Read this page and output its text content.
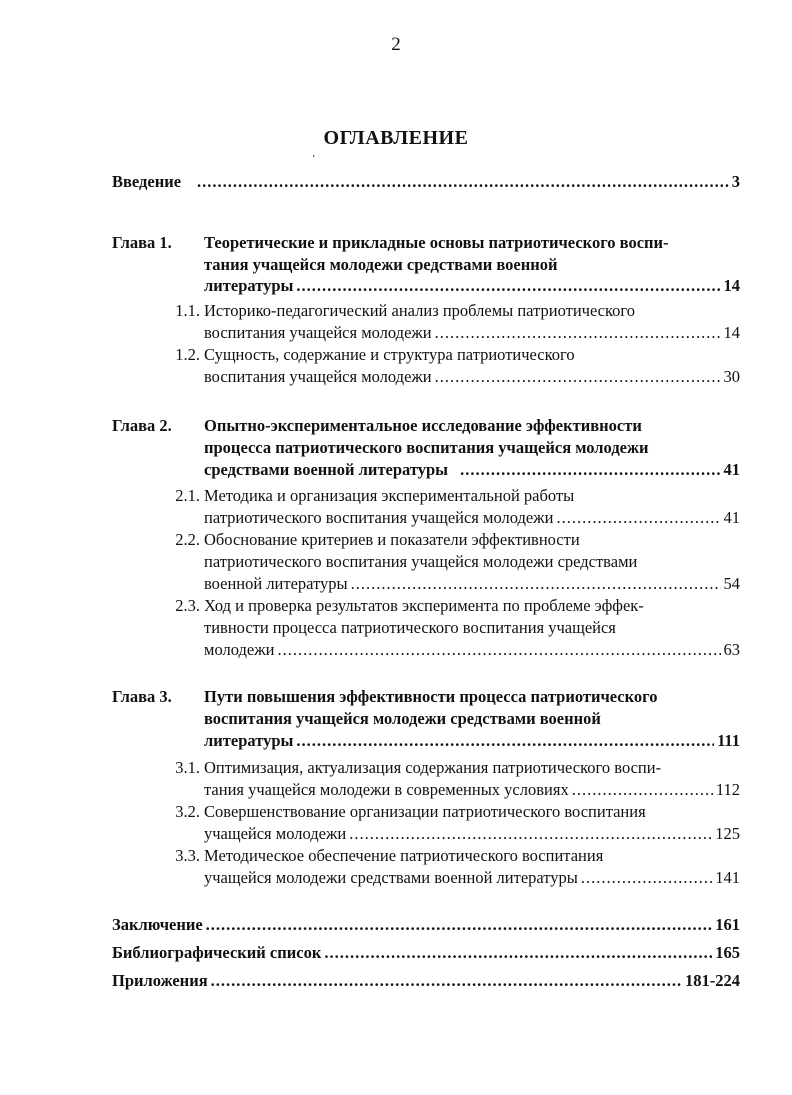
2
ОГЛАВЛЕНИЕ
ʼ
Введение .....	3
Глава 1. Теоретические и прикладные основы патриотического воспи-
тания учащейся молодежи средствами военной
литературы .....	14
1.1. Историко-педагогический анализ проблемы патриотического
воспитания учащейся молодежи .....	14
1.2. Сущность, содержание и структура патриотического
воспитания учащейся молодежи .....	30
Глава 2. Опытно-экспериментальное исследование эффективности
процесса патриотического воспитания учащейся молодежи
средствами военной литературы .....	41
2.1. Методика и организация экспериментальной работы
патриотического воспитания учащейся молодежи .....	41
2.2. Обоснование критериев и показатели эффективности
патриотического воспитания учащейся молодежи средствами
военной литературы .....	54
2.3. Ход и проверка результатов эксперимента по проблеме эффек-
тивности процесса патриотического воспитания учащейся
молодежи .....	63
Глава 3. Пути повышения эффективности процесса патриотического
воспитания учащейся молодежи средствами военной
литературы .....	111
3.1. Оптимизация, актуализация содержания патриотического воспи-
тания учащейся молодежи в современных условиях .....	112
3.2. Совершенствование организации патриотического воспитания
учащейся молодежи .....	125
3.3. Методическое обеспечение патриотического воспитания
учащейся молодежи средствами военной литературы .....	141
Заключение .....	161
Библиографический список .....	165
Приложения .....	181-224
